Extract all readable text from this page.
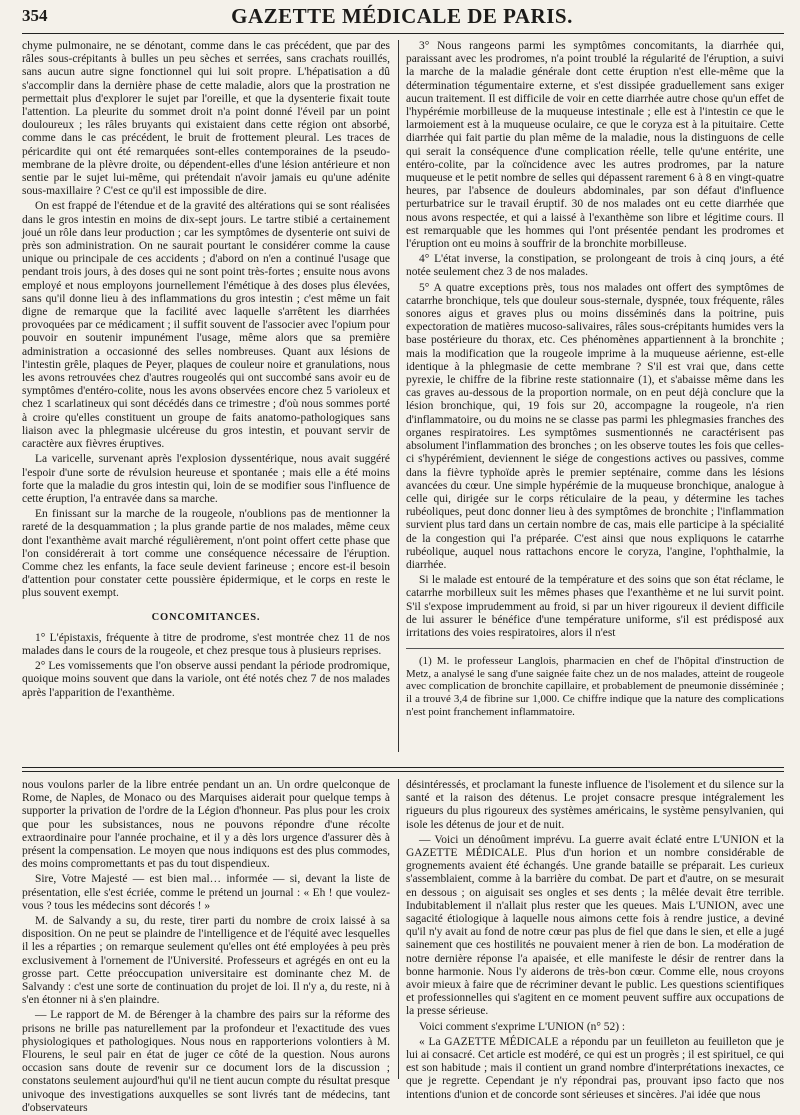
354	GAZETTE MÉDICALE DE PARIS.

chyme pulmonaire, ne se dénotant, comme dans le cas précédent, que par des râles sous-crépitants à bulles un peu sèches et serrées, sans crachats rouillés, sans aucun autre signe fonctionnel qui lui soit propre. L'hépatisation a dû s'accomplir dans la dernière phase de cette maladie, alors que la prostration ne permettait plus d'explorer le sujet par l'oreille, et que la dysenterie fixait toute l'attention. La pleurite du sommet droit n'a point donné l'éveil par un point douloureux ; les râles bruyants qui existaient dans cette région ont absorbé, comme dans le cas précédent, le bruit de frottement pleural. Les traces de péricardite qui ont été remarquées sont-elles contemporaines de la pseudo-membrane de la plèvre droite, ou dépendent-elles d'une lésion antérieure et non sentie par le sujet lui-même, qui prétendait n'avoir jamais eu qu'une adénite sous-maxillaire ? C'est ce qu'il est impossible de dire.

On est frappé de l'étendue et de la gravité des altérations qui se sont réalisées dans le gros intestin en moins de dix-sept jours. Le tartre stibié a certainement joué un rôle dans leur production ; car les symptômes de dysenterie ont suivi de près son administration. On ne saurait pourtant le considérer comme la cause unique ou principale de ces accidents ; d'abord on n'en a continué l'usage que pendant trois jours, à des doses qui ne sont point très-fortes ; ensuite nous avons employé et nous employons journellement l'émétique à des doses plus élevées, sans qu'il donne lieu à des inflammations du gros intestin ; c'est même un fait digne de remarque que la facilité avec laquelle s'arrêtent les diarrhées provoquées par ce médicament ; il suffit souvent de l'associer avec l'opium pour pouvoir en soutenir impunément l'usage, même alors que sa première administration a occasionné des selles nombreuses. Quant aux lésions de l'intestin grêle, plaques de Peyer, plaques de couleur noire et granulations, nous les avons retrouvées chez d'autres rougeolés qui ont succombé sans avoir eu de symptômes d'entéro-colite, nous les avons observées encore chez 5 varioleux et chez 1 scarlatineux qui sont décédés dans ce trimestre ; d'où nous sommes porté à croire qu'elles constituent un groupe de faits anatomo-pathologiques sans liaison avec la phlegmasie ulcéreuse du gros intestin, et pouvant servir de caractère aux fièvres éruptives.

La varicelle, survenant après l'explosion dyssentérique, nous avait suggéré l'espoir d'une sorte de révulsion heureuse et spontanée ; mais elle a été moins forte que la maladie du gros intestin qui, loin de se modifier sous l'influence de cette éruption, l'a entravée dans sa marche.

En finissant sur la marche de la rougeole, n'oublions pas de mentionner la rareté de la desquammation ; la plus grande partie de nos malades, même ceux dont l'exanthème avait marché régulièrement, n'ont point offert cette phase que l'on considérerait à tort comme une conséquence nécessaire de l'éruption. Comme chez les enfants, la face seule devient farineuse ; encore est-il besoin d'attention pour constater cette poussière épidermique, et le corps en reste le plus souvent exempt.

CONCOMITANCES.

1° L'épistaxis, fréquente à titre de prodrome, s'est montrée chez 11 de nos malades dans le cours de la rougeole, et chez presque tous à plusieurs reprises.

2° Les vomissements que l'on observe aussi pendant la période prodromique, quoique moins souvent que dans la variole, ont été notés chez 7 de nos malades après l'apparition de l'exanthème.

3° Nous rangeons parmi les symptômes concomitants, la diarrhée qui, paraissant avec les prodromes, n'a point troublé la régularité de l'éruption, a suivi la marche de la maladie générale dont cette éruption n'est elle-même que la détermination tégumentaire externe, et s'est dissipée graduellement sans exiger aucun traitement. Il est difficile de voir en cette diarrhée autre chose qu'un effet de l'hypérémie morbilleuse de la muqueuse intestinale ; elle est à l'intestin ce que le larmoiement est à la muqueuse oculaire, ce que le coryza est à la pituitaire. Cette diarrhée qui fait partie du plan même de la maladie, nous la distinguons de celle qui serait la conséquence d'une complication réelle, telle qu'une entérite, une entéro-colite, par la coïncidence avec les autres prodromes, par la nature muqueuse et le petit nombre de selles qui dépassent rarement 6 à 8 en vingt-quatre heures, par l'absence de douleurs abdominales, par son défaut d'influence perturbatrice sur le travail éruptif. 30 de nos malades ont eu cette diarrhée que nous avons respectée, et qui a laissé à l'exanthème son libre et légitime cours. Il est remarquable que les hommes qui l'ont présentée pendant les prodromes et l'éruption ont eu moins à souffrir de la bronchite morbilleuse.

4° L'état inverse, la constipation, se prolongeant de trois à cinq jours, a été notée seulement chez 3 de nos malades.

5° A quatre exceptions près, tous nos malades ont offert des symptômes de catarrhe bronchique, tels que douleur sous-sternale, dyspnée, toux fréquente, râles sonores aigus et graves plus ou moins disséminés dans la poitrine, puis expectoration de matières mucoso-salivaires, râles sous-crépitants humides vers la base postérieure du thorax, etc. Ces phénomènes appartiennent à la bronchite ; mais la modification que la rougeole imprime à la muqueuse aérienne, est-elle identique à la phlegmasie de cette membrane ? S'il est vrai que, dans cette pyrexie, le chiffre de la fibrine reste stationnaire (1), et s'abaisse même dans les cas graves au-dessous de la proportion normale, on en peut déjà conclure que la lésion bronchique, qui, 19 fois sur 20, accompagne la rougeole, n'a rien d'inflammatoire, ou du moins ne se classe pas parmi les phlegmasies franches des organes respiratoires. Les symptômes susmentionnés ne caractérisent pas absolument l'inflammation des bronches ; on les observe toutes les fois que celles-ci s'hypérémient, deviennent le siége de congestions actives ou passives, comme dans la fièvre typhoïde après le premier septénaire, comme dans les lésions avancées du cœur. Une simple hypérémie de la muqueuse bronchique, analogue à celle qui, dirigée sur le corps réticulaire de la peau, y détermine les taches rubéoliques, peut donc donner lieu à des symptômes de bronchite ; l'inflammation survient plus tard dans un certain nombre de cas, mais elle participe à la spécialité de la congestion qui l'a préparée. C'est ainsi que nous expliquons le catarrhe rubéolique, auquel nous rattachons encore le coryza, l'angine, l'ophthalmie, la diarrhée.

Si le malade est entouré de la température et des soins que son état réclame, le catarrhe morbilleux suit les mêmes phases que l'exanthème et ne lui survit point. S'il s'expose imprudemment au froid, si par un hiver rigoureux il devient difficile de lui assurer le bénéfice d'une température uniforme, s'il est prédisposé aux irritations des voies respiratoires, alors il n'est

(1) M. le professeur Langlois, pharmacien en chef de l'hôpital d'instruction de Metz, a analysé le sang d'une saignée faite chez un de nos malades, atteint de rougeole avec complication de bronchite capillaire, et probablement de pneumonie disséminée ; il a trouvé 3,4 de fibrine sur 1,000. Ce chiffre indique que la nature des complications n'est point franchement inflammatoire.

nous voulons parler de la libre entrée pendant un an. Un ordre quelconque de Rome, de Naples, de Monaco ou des Marquises aiderait pour quelque temps à supporter la privation de l'ordre de la Légion d'honneur. Pas plus pour les croix que pour les subsistances, nous ne pouvons répondre d'une récolte extraordinaire pour l'année prochaine, et il y a dès lors urgence d'assurer dès à présent la compensation. Le moyen que nous indiquons est des plus commodes, des moins compromettants et pas du tout dispendieux.

Sire, Votre Majesté — est bien mal… informée — si, devant la liste de présentation, elle s'est écriée, comme le prétend un journal : « Eh ! que voulez-vous ? tous les médecins sont décorés ! »

M. de Salvandy a su, du reste, tirer parti du nombre de croix laissé à sa disposition. On ne peut se plaindre de l'intelligence et de l'équité avec lesquelles il les a réparties ; on remarque seulement qu'elles ont été employées à peu près exclusivement à l'ornement de l'Université. Professeurs et agrégés en ont eu la grosse part. Cette préoccupation universitaire est dominante chez M. de Salvandy : c'est une sorte de continuation du projet de loi. Il n'y a, du reste, ni à s'en étonner ni à s'en plaindre.

— Le rapport de M. de Bérenger à la chambre des pairs sur la réforme des prisons ne brille pas naturellement par la profondeur et l'exactitude des vues physiologiques et pathologiques. Nous nous en rapporterions volontiers à M. Flourens, le seul pair en état de juger ce côté de la question. Nous aurons occasion sans doute de revenir sur ce document lors de la discussion ; constatons seulement aujourd'hui qu'il ne tient aucun compte du résultat presque univoque des investigations auxquelles se sont livrés tant de médecins, tant d'observateurs

désintéressés, et proclamant la funeste influence de l'isolement et du silence sur la santé et la raison des détenus. Le projet consacre presque intégralement les rigueurs du plus rigoureux des systèmes américains, le système pensylvanien, qui isole les détenus de jour et de nuit.

— Voici un dénoûment imprévu. La guerre avait éclaté entre L'UNION et la GAZETTE MÉDICALE. Plus d'un horion et un nombre considérable de grognements avaient été échangés. Une grande bataille se préparait. Les curieux s'assemblaient, comme à la barrière du combat. De part et d'autre, on se mesurait en dessous ; on aiguisait ses ongles et ses dents ; la mêlée devait être terrible. Indubitablement il n'allait plus rester que les queues. Mais L'UNION, avec une sagacité étiologique à laquelle nous aimons cette fois à rendre justice, a deviné qu'il n'y avait au fond de notre cœur pas plus de fiel que dans le sien, et elle a jugé sainement que ces hostilités ne pouvaient mener à rien de bon. La modération de notre dernière réponse l'a apaisée, et elle manifeste le désir de rentrer dans la bonne harmonie. Nous l'y aiderons de très-bon cœur. Comme elle, nous croyons avoir mieux à faire que de récriminer devant le public. Les questions scientifiques et professionnelles qui s'agitent en ce moment peuvent suffire aux occupations de la presse sérieuse.

Voici comment s'exprime L'UNION (n° 52) :

« La GAZETTE MÉDICALE a répondu par un feuilleton au feuilleton que je lui ai consacré. Cet article est modéré, ce qui est un progrès ; il est spirituel, ce qui est son habitude ; mais il contient un grand nombre d'interprétations inexactes, ce que je regrette. Cependant je n'y répondrai pas, prouvant ipso facto que nos intentions d'union et de concorde sont sérieuses et sincères. J'ai idée que nous
